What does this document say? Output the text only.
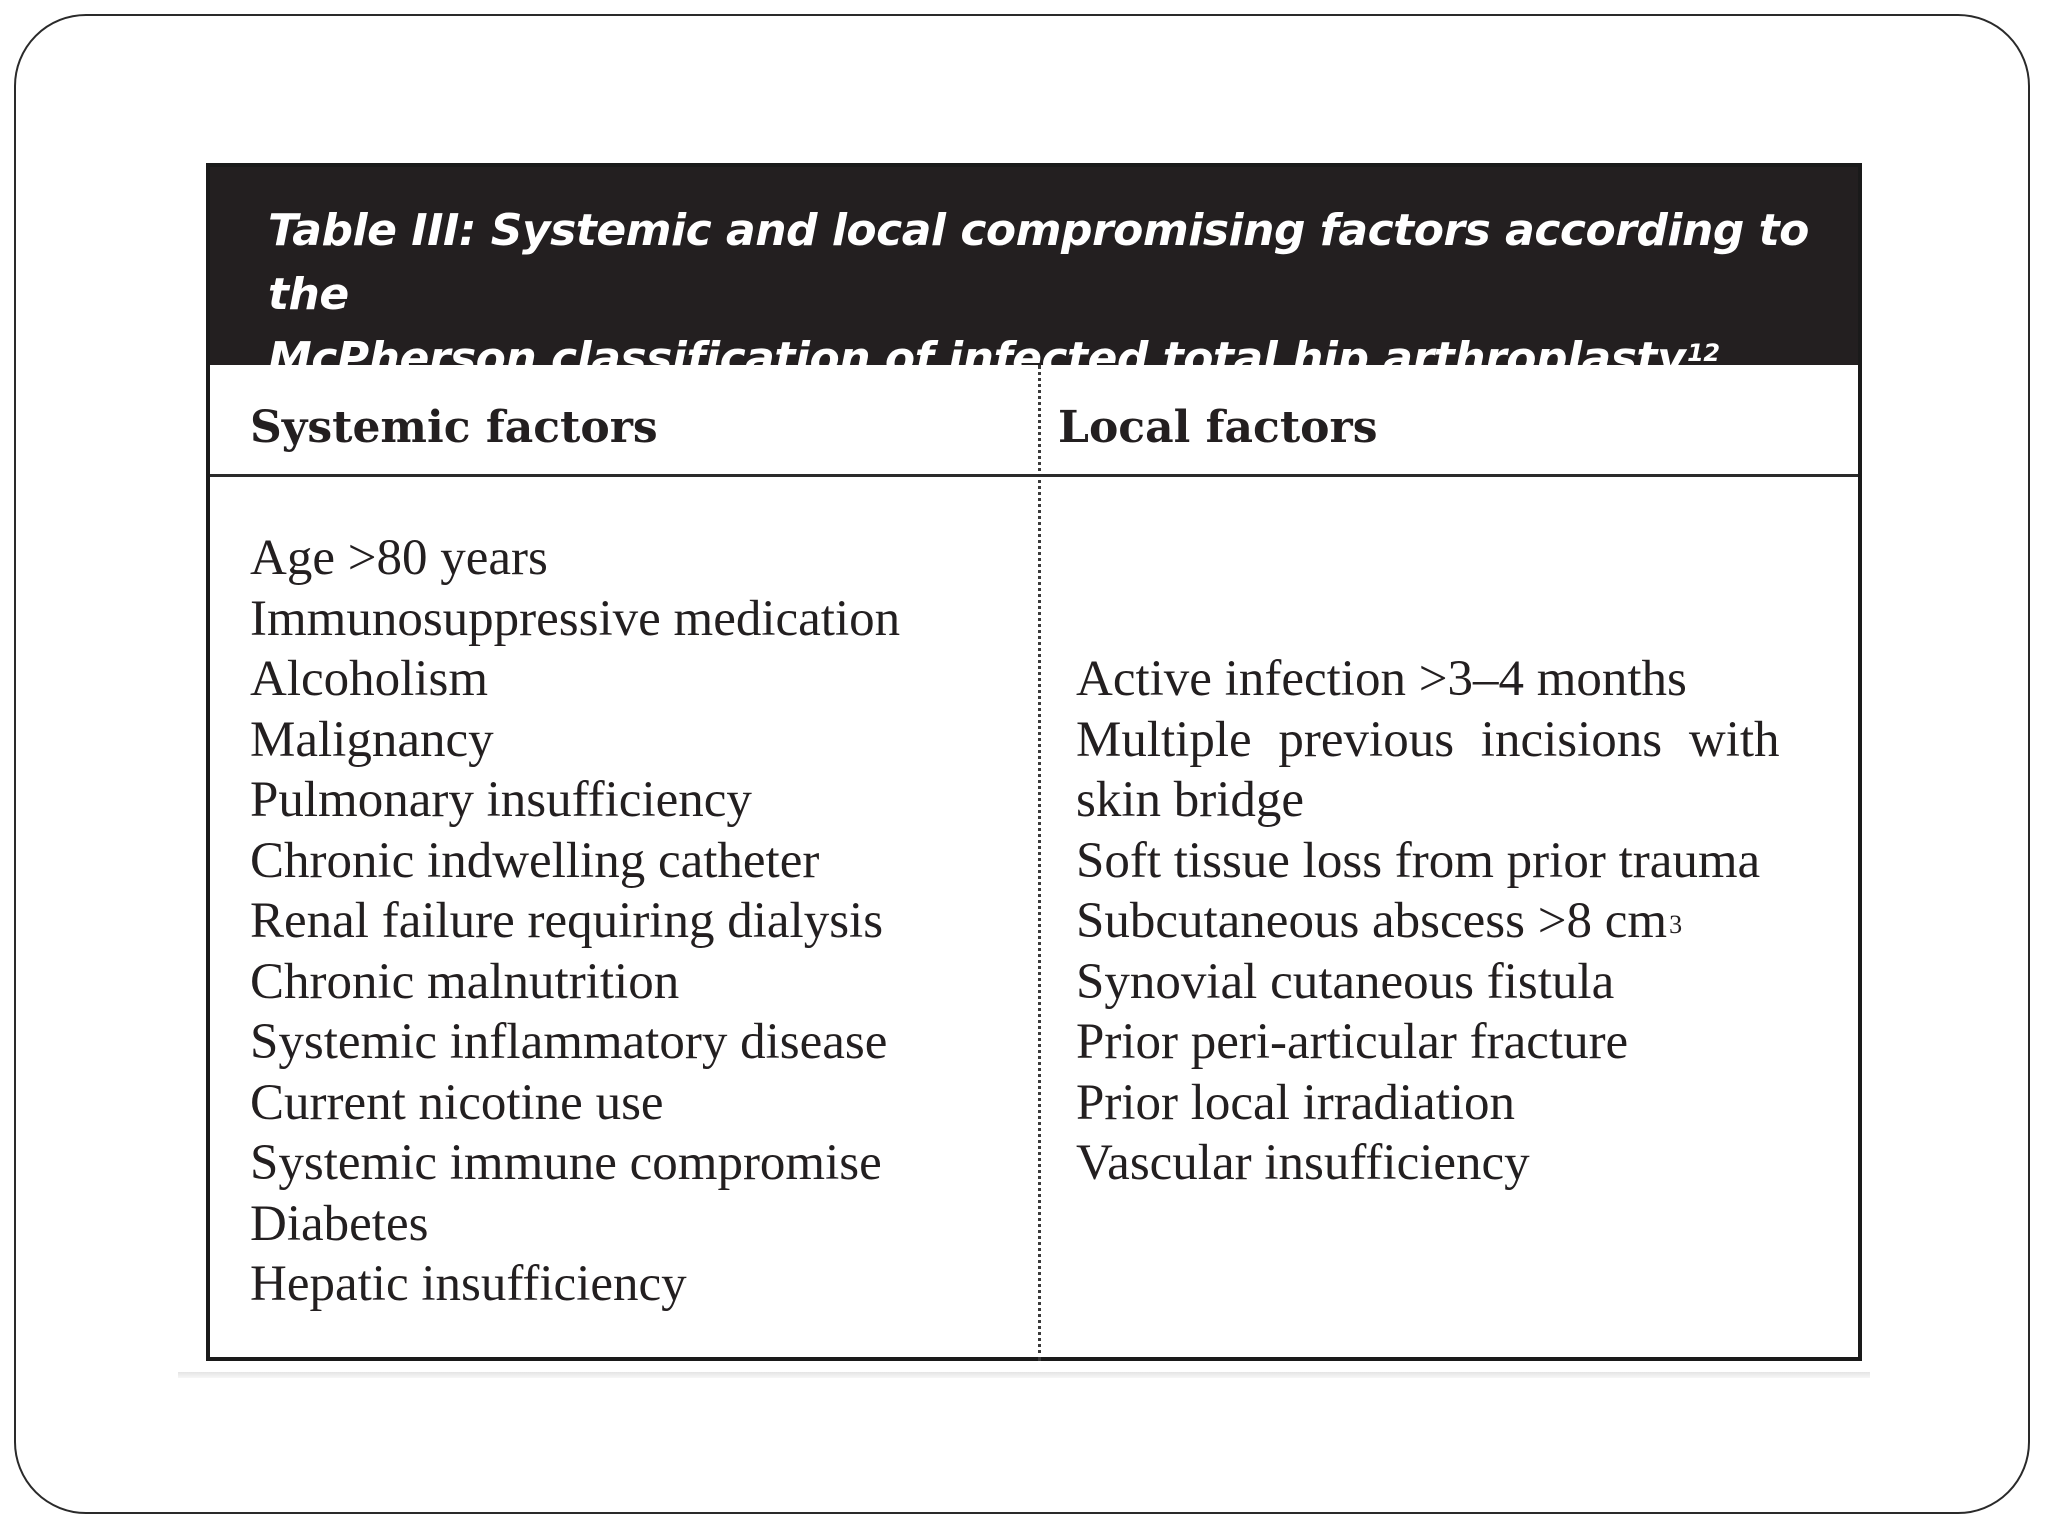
Table III: Systemic and local compromising factors according to the
McPherson classification of infected total hip arthroplasty$^{12}$
Systemic factors	Local factors
Age >80 years
Immunosuppressive medication
Alcoholism
Malignancy
Pulmonary insufficiency
Chronic indwelling catheter
Renal failure requiring dialysis
Chronic malnutrition
Systemic inflammatory disease
Current nicotine use
Systemic immune compromise
Diabetes
Hepatic insufficiency
Active infection >3–4 months
Multiple previous incisions with
skin bridge
Soft tissue loss from prior trauma
Subcutaneous abscess >8 $cm^3$
Synovial cutaneous fistula
Prior peri-articular fracture
Prior local irradiation
Vascular insufficiency
